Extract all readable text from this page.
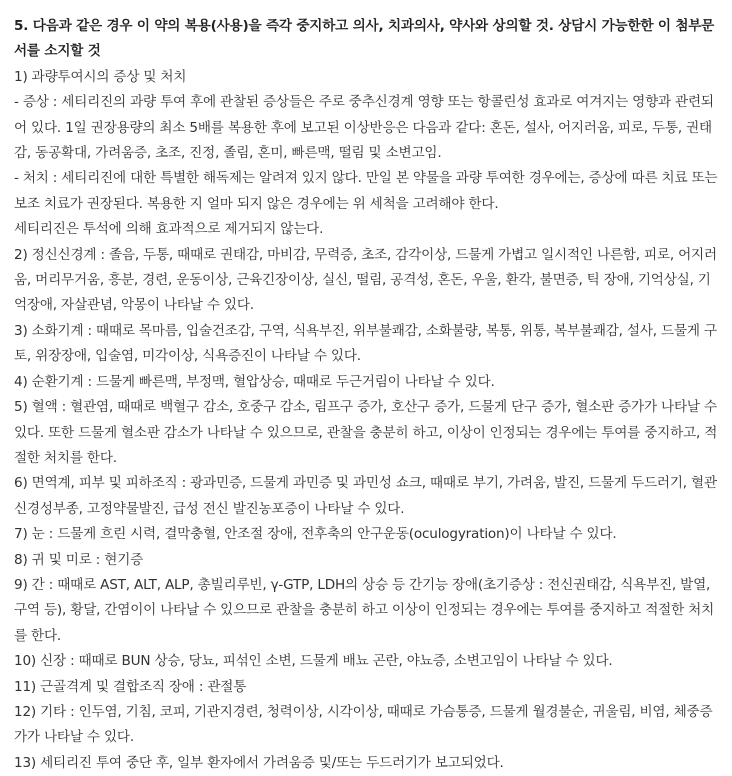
5. 다음과 같은 경우 이 약의 복용(사용)을 즉각 중지하고 의사, 치과의사, 약사와 상의할 것. 상담시 가능한한 이 첨부문서를 소지할 것

1) 과량투여시의 증상 및 처치

- 증상 : 세티리진의 과량 투여 후에 관찰된 증상들은 주로 중추신경계 영향 또는 항콜린성 효과로 여겨지는 영향과 관련되어 있다. 1일 권장용량의 최소 5배를 복용한 후에 보고된 이상반응은 다음과 같다: 혼돈, 설사, 어지러움, 피로, 두통, 권태감, 동공확대, 가려움증, 초조, 진정, 졸림, 혼미, 빠른맥, 떨림 및 소변고임.

- 처치 : 세티리진에 대한 특별한 해독제는 알려져 있지 않다. 만일 본 약물을 과량 투여한 경우에는, 증상에 따른 치료 또는 보조 치료가 권장된다. 복용한 지 얼마 되지 않은 경우에는 위 세척을 고려해야 한다.

세티리진은 투석에 의해 효과적으로 제거되지 않는다.

2) 정신신경계 : 졸음, 두통, 때때로 권태감, 마비감, 무력증, 초조, 감각이상, 드물게 가볍고 일시적인 나른함, 피로, 어지러움, 머리무거움, 흥분, 경련, 운동이상, 근육긴장이상, 실신, 떨림, 공격성, 혼돈, 우울, 환각, 불면증, 틱 장애, 기억상실, 기억장애, 자살관념, 악몽이 나타날 수 있다.

3) 소화기계 : 때때로 목마름, 입술건조감, 구역, 식욕부진, 위부불쾌감, 소화불량, 복통, 위통, 복부불쾌감, 설사, 드물게 구토, 위장장애, 입술염, 미각이상, 식욕증진이 나타날 수 있다.

4) 순환기계 : 드물게 빠른맥, 부정맥, 혈압상승, 때때로 두근거림이 나타날 수 있다.

5) 혈액 : 혈관염, 때때로 백혈구 감소, 호중구 감소, 림프구 증가, 호산구 증가, 드물게 단구 증가, 혈소판 증가가 나타날 수 있다. 또한 드물게 혈소판 감소가 나타날 수 있으므로, 관찰을 충분히 하고, 이상이 인정되는 경우에는 투여를 중지하고, 적절한 처치를 한다.

6) 면역계, 피부 및 피하조직 : 광과민증, 드물게 과민증 및 과민성 쇼크, 때때로 부기, 가려움, 발진, 드물게 두드러기, 혈관신경성부종, 고정약물발진, 급성 전신 발진농포증이 나타날 수 있다.

7) 눈 : 드물게 흐린 시력, 결막충혈, 안조절 장애, 전후축의 안구운동(oculogyration)이 나타날 수 있다.

8) 귀 및 미로 : 현기증

9) 간 : 때때로 AST, ALT, ALP, 총빌리루빈, γ-GTP, LDH의 상승 등 간기능 장애(초기증상 : 전신권태감, 식욕부진, 발열, 구역 등), 황달, 간염이이 나타날 수 있으므로 관찰을 충분히 하고 이상이 인정되는 경우에는 투여를 중지하고 적절한 처치를 한다.

10) 신장 : 때때로 BUN 상승, 당뇨, 피섞인 소변, 드물게 배뇨 곤란, 야뇨증, 소변고임이 나타날 수 있다.

11) 근골격계 및 결합조직 장애 : 관절통

12) 기타 : 인두염, 기침, 코피, 기관지경련, 청력이상, 시각이상, 때때로 가슴통증, 드물게 월경불순, 귀울림, 비염, 체중증가가 나타날 수 있다.

13) 세티리진 투여 중단 후, 일부 환자에서 가려움증 및/또는 두드러기가 보고되었다.
